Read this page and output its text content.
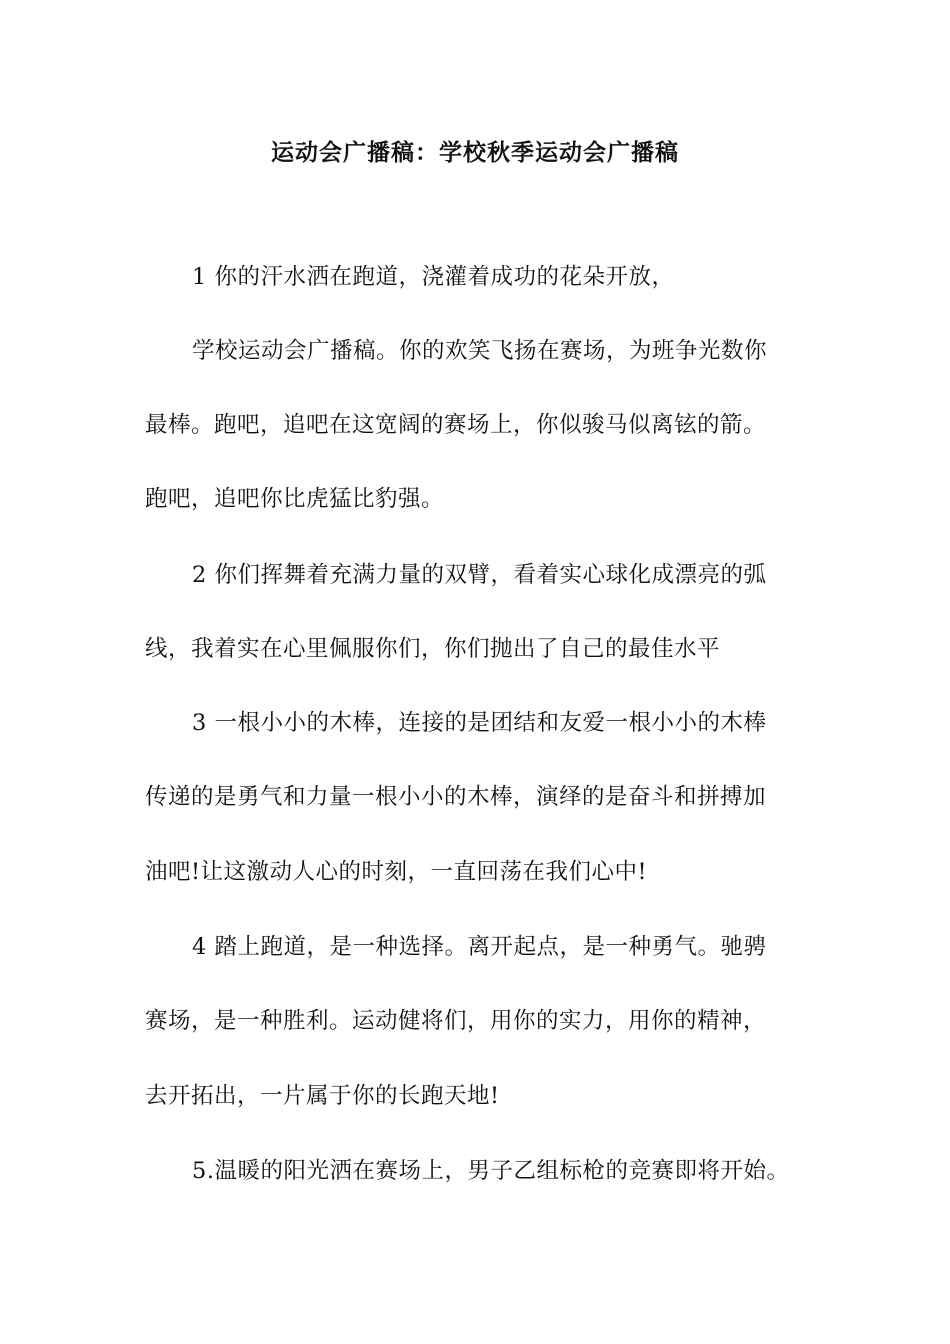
运动会广播稿：学校秋季运动会广播稿
1 你的汗水洒在跑道，浇灌着成功的花朵开放，
学校运动会广播稿。你的欢笑飞扬在赛场，为班争光数你
最棒。跑吧，追吧在这宽阔的赛场上，你似骏马似离铉的箭。
跑吧，追吧你比虎猛比豹强。
2 你们挥舞着充满力量的双臂，看着实心球化成漂亮的弧
线，我着实在心里佩服你们，你们抛出了自己的最佳水平
3 一根小小的木棒，连接的是团结和友爱一根小小的木棒
传递的是勇气和力量一根小小的木棒，演绎的是奋斗和拼搏加
油吧!让这激动人心的时刻，一直回荡在我们心中!
4 踏上跑道，是一种选择。离开起点，是一种勇气。驰骋
赛场，是一种胜利。运动健将们，用你的实力，用你的精神，
去开拓出，一片属于你的长跑天地!
5.温暖的阳光洒在赛场上，男子乙组标枪的竞赛即将开始。
